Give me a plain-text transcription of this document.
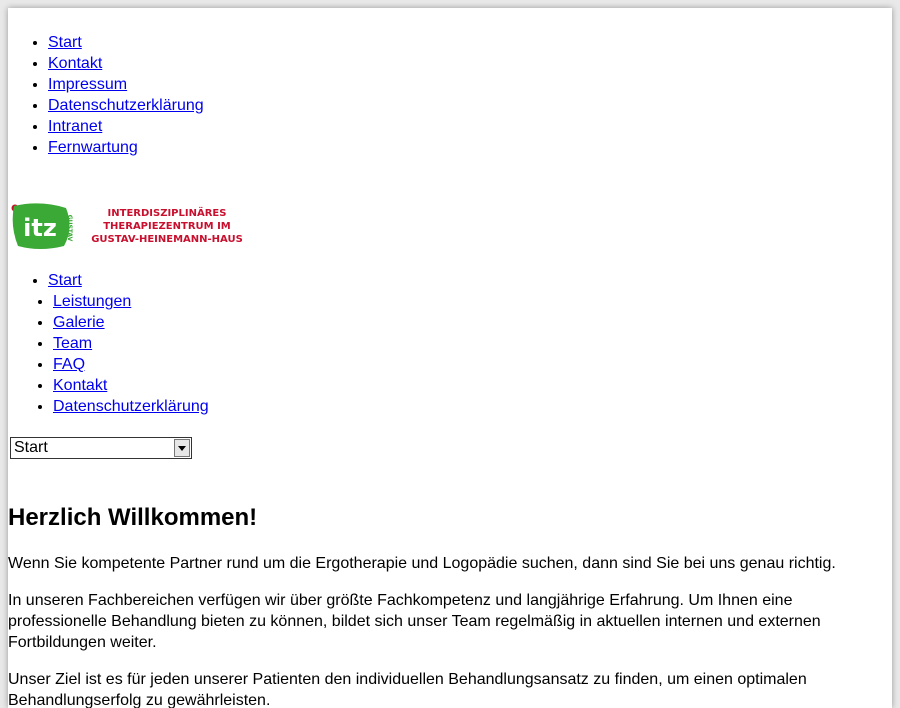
• Start
• Kontakt
• Impressum
• Datenschutzerklärung
• Intranet
• Fernwartung
itz GUSTAV
INTERDISZIPLINÄRES
THERAPIEZENTRUM IM
GUSTAV-HEINEMANN-HAUS
• Start
• Leistungen
• Galerie
• Team
• FAQ
• Kontakt
• Datenschutzerklärung
Start
Herzlich Willkommen!

Wenn Sie kompetente Partner rund um die Ergotherapie und Logopädie suchen, dann sind Sie bei uns genau richtig.

In unseren Fachbereichen verfügen wir über größte Fachkompetenz und langjährige Erfahrung. Um Ihnen eine professionelle Behandlung bieten zu können, bildet sich unser Team regelmäßig in aktuellen internen und externen Fortbildungen weiter.

Unser Ziel ist es für jeden unserer Patienten den individuellen Behandlungsansatz zu finden, um einen optimalen Behandlungserfolg zu gewährleisten.
